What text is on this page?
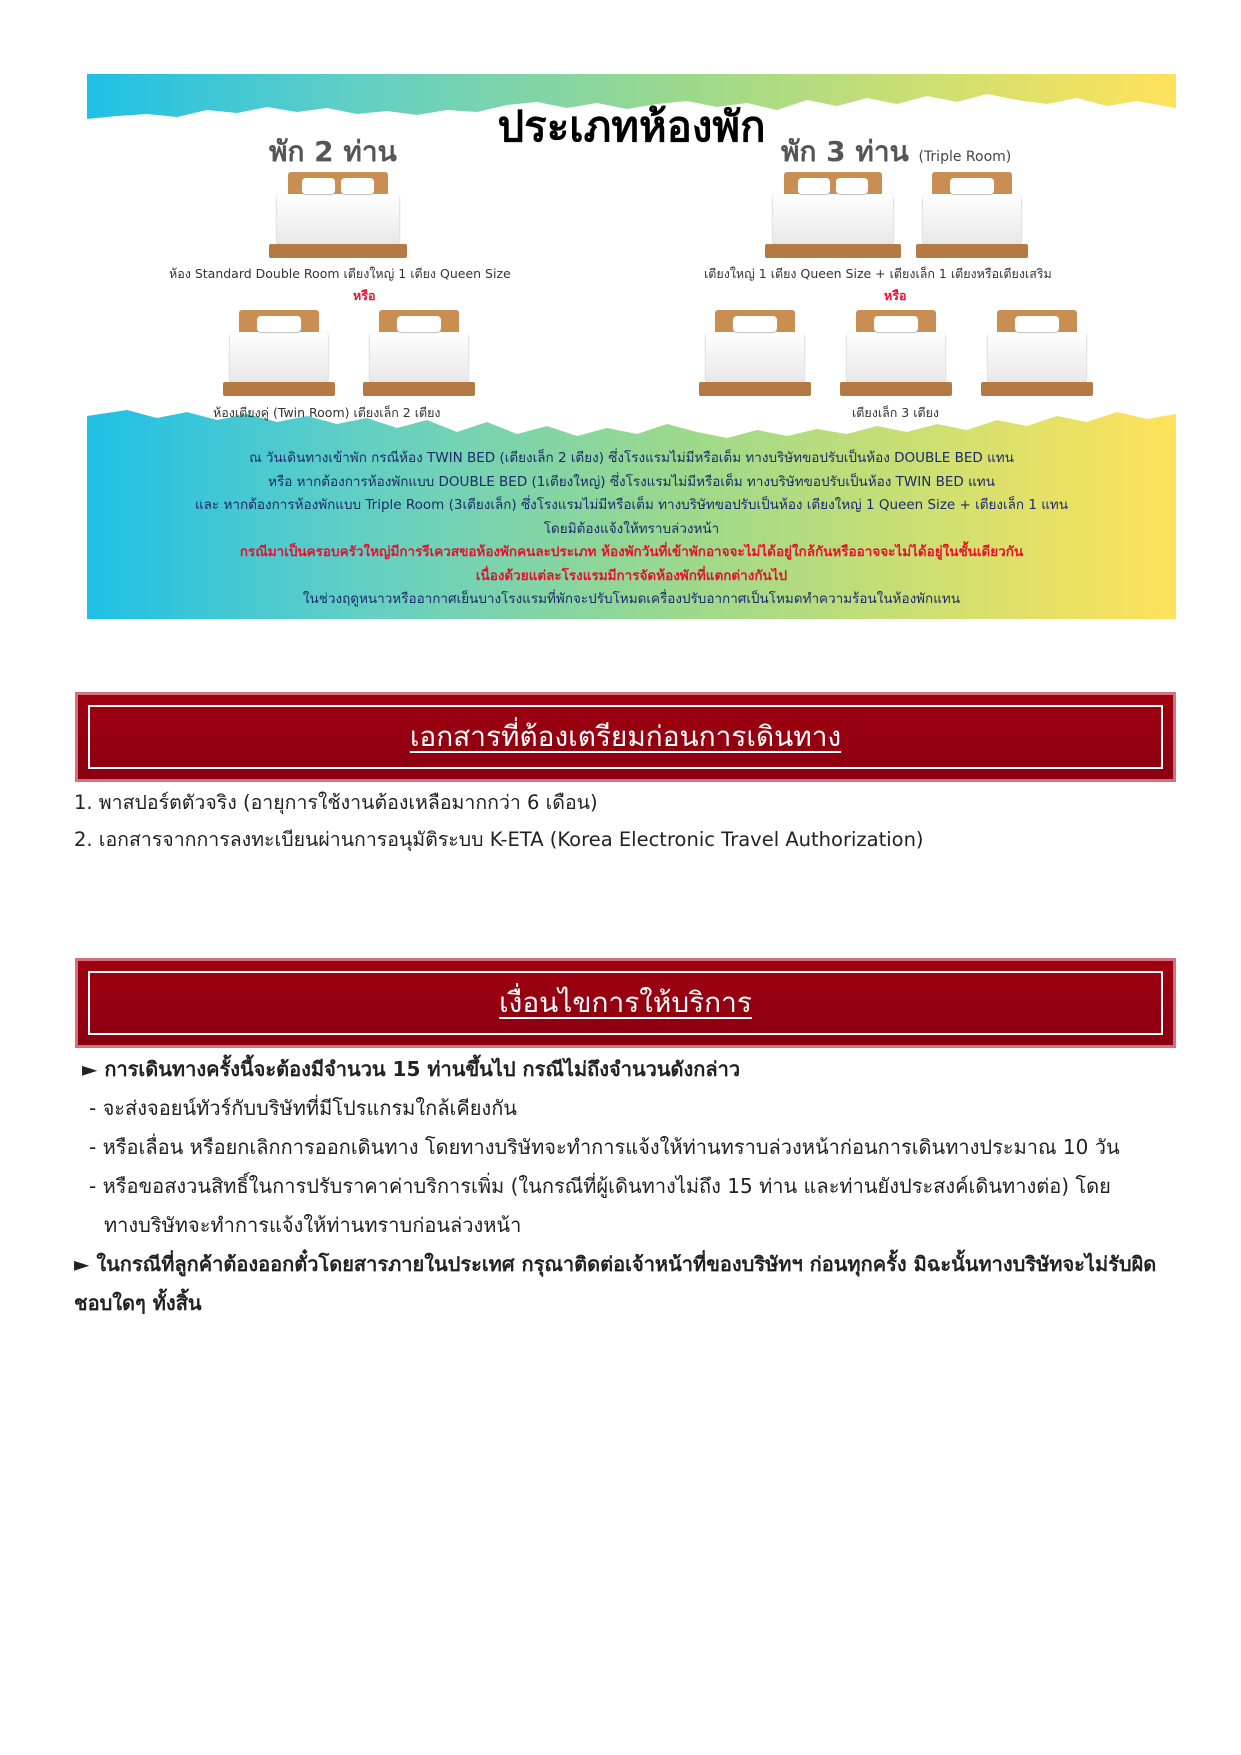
ประเภทห้องพัก
พัก 2 ท่าน
ห้อง Standard Double Room เตียงใหญ่ 1 เตียง Queen Size
หรือ
ห้องเตียงคู่ (Twin Room) เตียงเล็ก 2 เตียง
พัก 3 ท่าน (Triple Room)
เตียงใหญ่ 1 เตียง Queen Size + เตียงเล็ก 1 เตียงหรือเตียงเสริม
หรือ
เตียงเล็ก 3 เตียง
ณ วันเดินทางเข้าพัก กรณีห้อง TWIN BED (เตียงเล็ก 2 เตียง) ซึ่งโรงแรมไม่มีหรือเต็ม ทางบริษัทขอปรับเป็นห้อง DOUBLE BED แทน
หรือ หากต้องการห้องพักแบบ DOUBLE BED (1เตียงใหญ่) ซึ่งโรงแรมไม่มีหรือเต็ม ทางบริษัทขอปรับเป็นห้อง TWIN BED แทน
และ หากต้องการห้องพักแบบ Triple Room (3เตียงเล็ก) ซึ่งโรงแรมไม่มีหรือเต็ม ทางบริษัทขอปรับเป็นห้อง เตียงใหญ่ 1 Queen Size + เตียงเล็ก 1 แทน
โดยมิต้องแจ้งให้ทราบล่วงหน้า
กรณีมาเป็นครอบครัวใหญ่มีการรีเควสขอห้องพักคนละประเภท ห้องพักวันที่เข้าพักอาจจะไม่ได้อยู่ใกล้กันหรืออาจจะไม่ได้อยู่ในชั้นเดียวกัน
เนื่องด้วยแต่ละโรงแรมมีการจัดห้องพักที่แตกต่างกันไป
ในช่วงฤดูหนาวหรืออากาศเย็นบางโรงแรมที่พักจะปรับโหมดเครื่องปรับอากาศเป็นโหมดทำความร้อนในห้องพักแทน
เอกสารที่ต้องเตรียมก่อนการเดินทาง
1. พาสปอร์ตตัวจริง (อายุการใช้งานต้องเหลือมากกว่า 6 เดือน)
2. เอกสารจากการลงทะเบียนผ่านการอนุมัติระบบ K-ETA (Korea Electronic Travel Authorization)
เงื่อนไขการให้บริการ
► การเดินทางครั้งนี้จะต้องมีจำนวน 15 ท่านขึ้นไป กรณีไม่ถึงจำนวนดังกล่าว
- จะส่งจอยน์ทัวร์กับบริษัทที่มีโปรแกรมใกล้เคียงกัน
- หรือเลื่อน หรือยกเลิกการออกเดินทาง โดยทางบริษัทจะทำการแจ้งให้ท่านทราบล่วงหน้าก่อนการเดินทางประมาณ 10 วัน
- หรือขอสงวนสิทธิ์ในการปรับราคาค่าบริการเพิ่ม (ในกรณีที่ผู้เดินทางไม่ถึง 15 ท่าน และท่านยังประสงค์เดินทางต่อ) โดย
ทางบริษัทจะทำการแจ้งให้ท่านทราบก่อนล่วงหน้า
► ในกรณีที่ลูกค้าต้องออกตั๋วโดยสารภายในประเทศ กรุณาติดต่อเจ้าหน้าที่ของบริษัทฯ ก่อนทุกครั้ง มิฉะนั้นทางบริษัทจะไม่รับผิดชอบใดๆ ทั้งสิ้น
